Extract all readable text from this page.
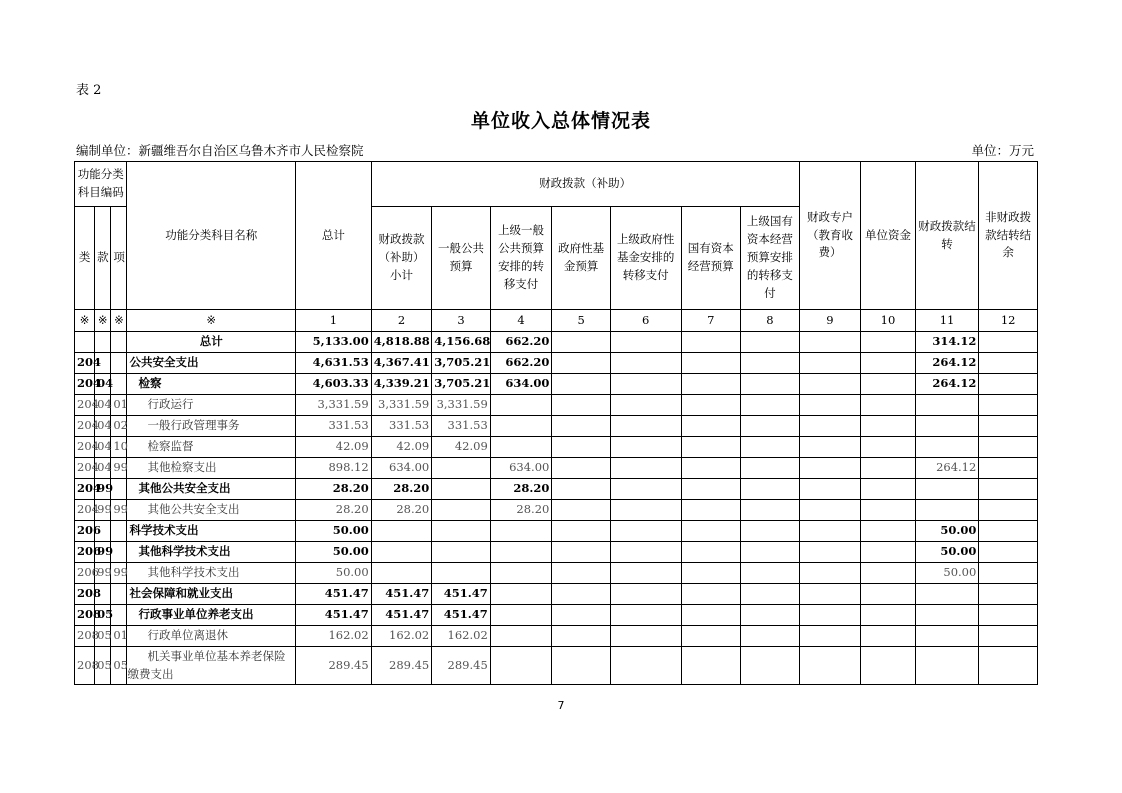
表 2
单位收入总体情况表
编制单位：新疆维吾尔自治区乌鲁木齐市人民检察院	单位：万元
功能分类科目编码			功能分类科目名称	总计	财政拨款（补助）							财政专户（教育收费）	单位资金	财政拨款结转	非财政拨款结转结余
类	款	项			财政拨款（补助）小计	一般公共预算	上级一般公共预算安排的转移支付	政府性基金预算	上级政府性基金安排的转移支付	国有资本经营预算	上级国有资本经营预算安排的转移支付				
※	※	※	※	1	2	3	4	5	6	7	8	9	10	11	12
			总计	5,133.00	4,818.88	4,156.68	662.20							314.12	
204			公共安全支出	4,631.53	4,367.41	3,705.21	662.20							264.12	
204	04		检察	4,603.33	4,339.21	3,705.21	634.00							264.12	
204	04	01	行政运行	3,331.59	3,331.59	3,331.59									
204	04	02	一般行政管理事务	331.53	331.53	331.53									
204	04	10	检察监督	42.09	42.09	42.09									
204	04	99	其他检察支出	898.12	634.00		634.00							264.12	
204	99		其他公共安全支出	28.20	28.20		28.20								
204	99	99	其他公共安全支出	28.20	28.20		28.20								
206			科学技术支出	50.00										50.00	
206	99		其他科学技术支出	50.00										50.00	
206	99	99	其他科学技术支出	50.00										50.00	
208			社会保障和就业支出	451.47	451.47	451.47									
208	05		行政事业单位养老支出	451.47	451.47	451.47									
208	05	01	行政单位离退休	162.02	162.02	162.02									
208	05	05	机关事业单位基本养老保险缴费支出	289.45	289.45	289.45									
7
